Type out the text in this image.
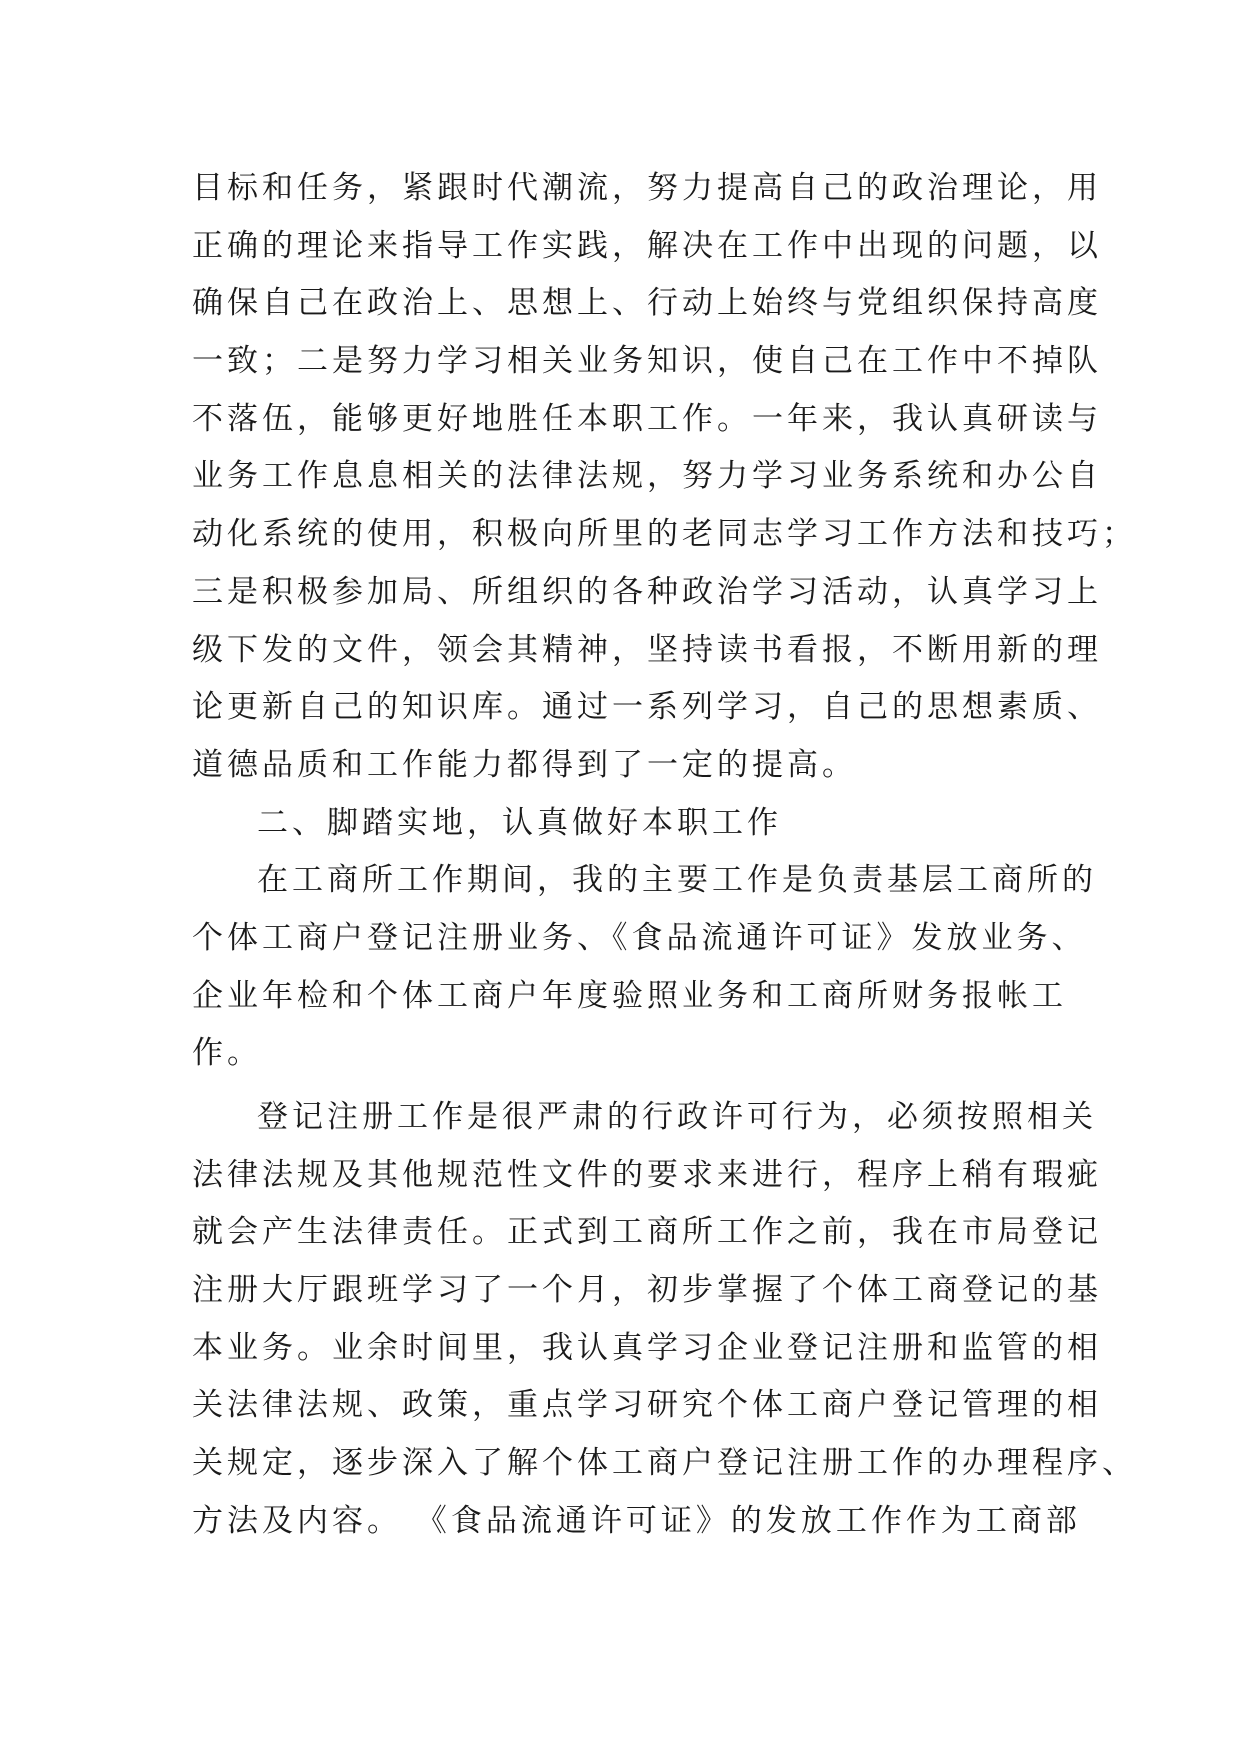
目标和任务，紧跟时代潮流，努力提高自己的政治理论，用
正确的理论来指导工作实践，解决在工作中出现的问题，以
确保自己在政治上、思想上、行动上始终与党组织保持高度
一致；二是努力学习相关业务知识，使自己在工作中不掉队
不落伍，能够更好地胜任本职工作。一年来，我认真研读与
业务工作息息相关的法律法规，努力学习业务系统和办公自
动化系统的使用，积极向所里的老同志学习工作方法和技巧；
三是积极参加局、所组织的各种政治学习活动，认真学习上
级下发的文件，领会其精神，坚持读书看报，不断用新的理
论更新自己的知识库。通过一系列学习，自己的思想素质、
道德品质和工作能力都得到了一定的提高。
二、脚踏实地，认真做好本职工作
在工商所工作期间，我的主要工作是负责基层工商所的
个体工商户登记注册业务、《食品流通许可证》发放业务、
企业年检和个体工商户年度验照业务和工商所财务报帐工
作。
登记注册工作是很严肃的行政许可行为，必须按照相关
法律法规及其他规范性文件的要求来进行，程序上稍有瑕疵
就会产生法律责任。正式到工商所工作之前，我在市局登记
注册大厅跟班学习了一个月，初步掌握了个体工商登记的基
本业务。业余时间里，我认真学习企业登记注册和监管的相
关法律法规、政策，重点学习研究个体工商户登记管理的相
关规定，逐步深入了解个体工商户登记注册工作的办理程序、
方法及内容。 《食品流通许可证》的发放工作作为工商部
